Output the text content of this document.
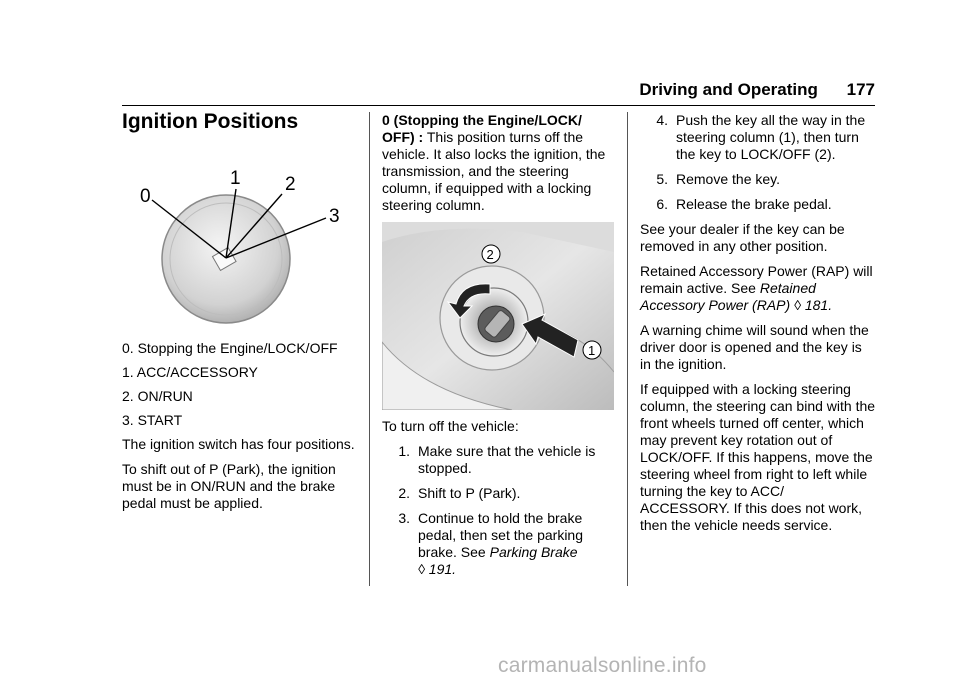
Driving and Operating 177
Ignition Positions
0
1 2
3

0. Stopping the Engine/LOCK/OFF

1. ACC/ACCESSORY

2. ON/RUN

3. START

The ignition switch has four positions.

To shift out of P (Park), the ignition must be in ON/RUN and the brake pedal must be applied.

0 (Stopping the Engine/LOCK/ OFF) : This position turns off the vehicle. It also locks the ignition, the transmission, and the steering column, if equipped with a locking steering column.

2
1

To turn off the vehicle:

1. Make sure that the vehicle is stopped.
2. Shift to P (Park).
3. Continue to hold the brake pedal, then set the parking brake. See Parking Brake
◊ 191.
4. Push the key all the way in the steering column (1), then turn the key to LOCK/OFF (2).
5. Remove the key.
6. Release the brake pedal.

See your dealer if the key can be removed in any other position.

Retained Accessory Power (RAP) will remain active. See Retained Accessory Power (RAP) ◊ 181.

A warning chime will sound when the driver door is opened and the key is in the ignition.

If equipped with a locking steering column, the steering can bind with the front wheels turned off center, which may prevent key rotation out of LOCK/OFF. If this happens, move the steering wheel from right to left while turning the key to ACC/ ACCESSORY. If this does not work, then the vehicle needs service.

carmanualsonline.info
